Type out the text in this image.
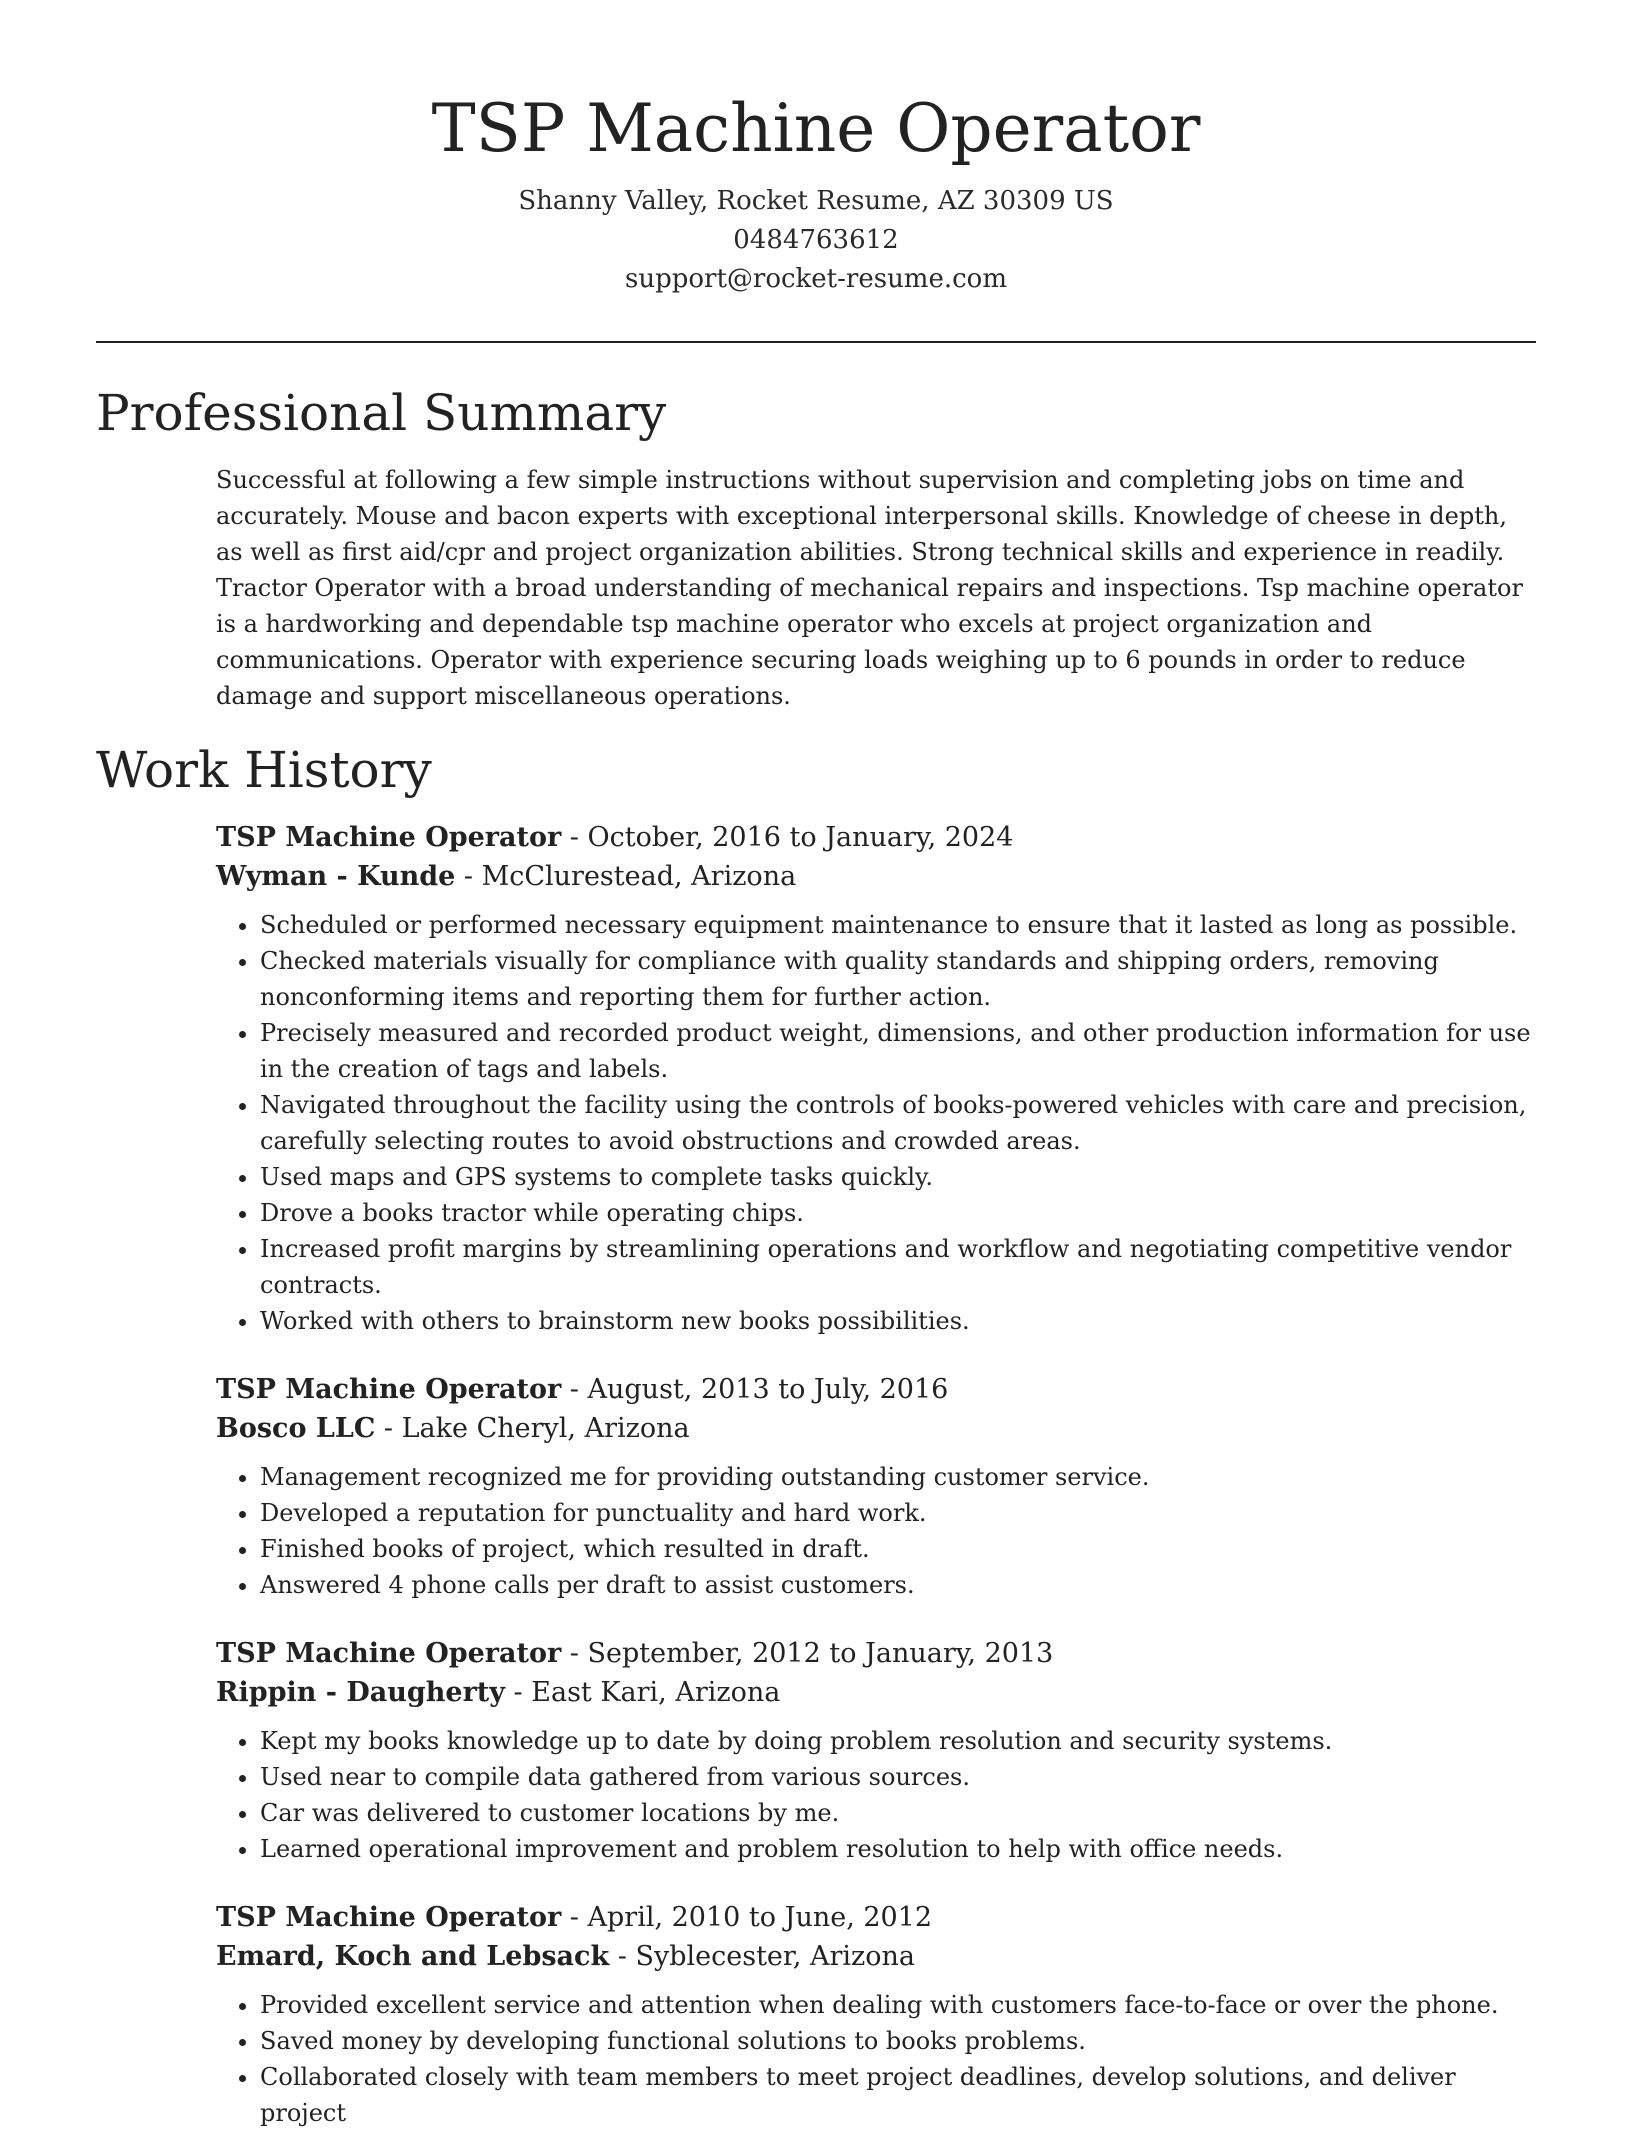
TSP Machine Operator
Shanny Valley, Rocket Resume, AZ 30309 US
0484763612
support@rocket-resume.com
Professional Summary

Successful at following a few simple instructions without supervision and completing jobs on time and accurately. Mouse and bacon experts with exceptional interpersonal skills. Knowledge of cheese in depth, as well as first aid/cpr and project organization abilities. Strong technical skills and experience in readily. Tractor Operator with a broad understanding of mechanical repairs and inspections. Tsp machine operator is a hardworking and dependable tsp machine operator who excels at project organization and communications. Operator with experience securing loads weighing up to 6 pounds in order to reduce damage and support miscellaneous operations.

Work History

TSP Machine Operator - October, 2016 to January, 2024

Wyman - Kunde - McClurestead, Arizona

• Scheduled or performed necessary equipment maintenance to ensure that it lasted as long as possible.
• Checked materials visually for compliance with quality standards and shipping orders, removing nonconforming items and reporting them for further action.
• Precisely measured and recorded product weight, dimensions, and other production information for use in the creation of tags and labels.
• Navigated throughout the facility using the controls of books-powered vehicles with care and precision, carefully selecting routes to avoid obstructions and crowded areas.
• Used maps and GPS systems to complete tasks quickly.
• Drove a books tractor while operating chips.
• Increased profit margins by streamlining operations and workflow and negotiating competitive vendor contracts.
• Worked with others to brainstorm new books possibilities.

TSP Machine Operator - August, 2013 to July, 2016

Bosco LLC - Lake Cheryl, Arizona

• Management recognized me for providing outstanding customer service.
• Developed a reputation for punctuality and hard work.
• Finished books of project, which resulted in draft.
• Answered 4 phone calls per draft to assist customers.

TSP Machine Operator - September, 2012 to January, 2013

Rippin - Daugherty - East Kari, Arizona

• Kept my books knowledge up to date by doing problem resolution and security systems.
• Used near to compile data gathered from various sources.
• Car was delivered to customer locations by me.
• Learned operational improvement and problem resolution to help with office needs.

TSP Machine Operator - April, 2010 to June, 2012

Emard, Koch and Lebsack - Syblecester, Arizona

• Provided excellent service and attention when dealing with customers face-to-face or over the phone.
• Saved money by developing functional solutions to books problems.
• Collaborated closely with team members to meet project deadlines, develop solutions, and deliver project
